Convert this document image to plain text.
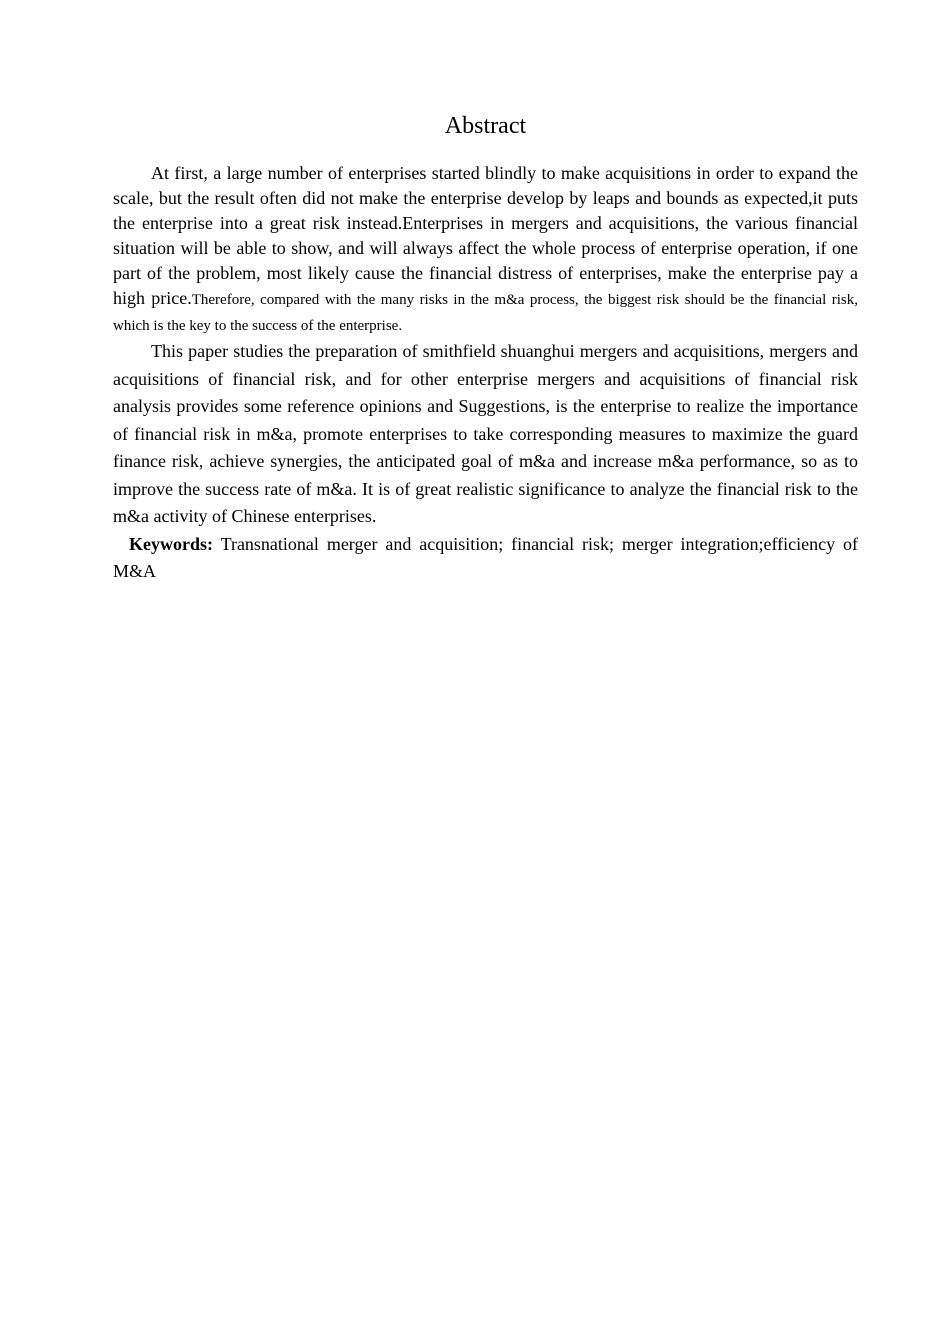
Abstract

At first, a large number of enterprises started blindly to make acquisitions in order to expand the scale, but the result often did not make the enterprise develop by leaps and bounds as expected,it puts the enterprise into a great risk instead.Enterprises in mergers and acquisitions, the various financial situation will be able to show, and will always affect the whole process of enterprise operation, if one part of the problem, most likely cause the financial distress of enterprises, make the enterprise pay a high price.Therefore, compared with the many risks in the m&a process, the biggest risk should be the financial risk, which is the key to the success of the enterprise.

This paper studies the preparation of smithfield shuanghui mergers and acquisitions, mergers and acquisitions of financial risk, and for other enterprise mergers and acquisitions of financial risk analysis provides some reference opinions and Suggestions, is the enterprise to realize the importance of financial risk in m&a, promote enterprises to take corresponding measures to maximize the guard finance risk, achieve synergies, the anticipated goal of m&a and increase m&a performance, so as to improve the success rate of m&a. It is of great realistic significance to analyze the financial risk to the m&a activity of Chinese enterprises.

Keywords: Transnational merger and acquisition; financial risk; merger integration;efficiency of M&A
